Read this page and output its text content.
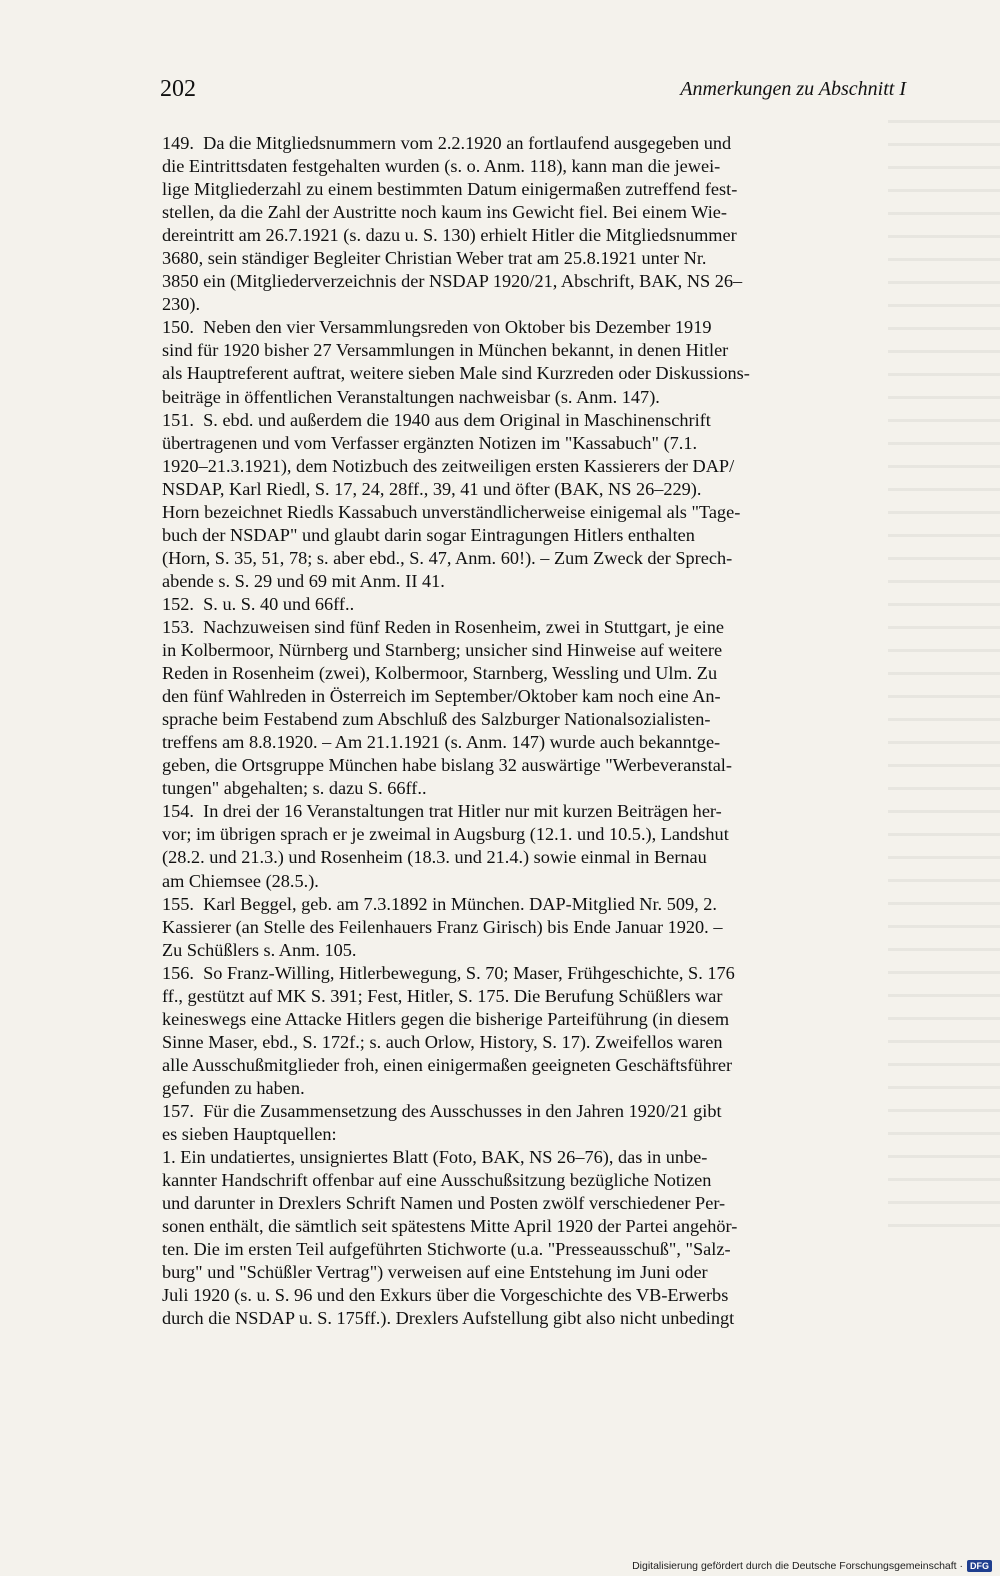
202	Anmerkungen zu Abschnitt I
149.  Da die Mitgliedsnummern vom 2.2.1920 an fortlaufend ausgegeben und
die Eintrittsdaten festgehalten wurden (s. o. Anm. 118), kann man die jewei-
lige Mitgliederzahl zu einem bestimmten Datum einigermaßen zutreffend fest-
stellen, da die Zahl der Austritte noch kaum ins Gewicht fiel. Bei einem Wie-
dereintritt am 26.7.1921 (s. dazu u. S. 130) erhielt Hitler die Mitgliedsnummer
3680, sein ständiger Begleiter Christian Weber trat am 25.8.1921 unter Nr.
3850 ein (Mitgliederverzeichnis der NSDAP 1920/21, Abschrift, BAK, NS 26–
230).
150.  Neben den vier Versammlungsreden von Oktober bis Dezember 1919
sind für 1920 bisher 27 Versammlungen in München bekannt, in denen Hitler
als Hauptreferent auftrat, weitere sieben Male sind Kurzreden oder Diskussions-
beiträge in öffentlichen Veranstaltungen nachweisbar (s. Anm. 147).
151.  S. ebd. und außerdem die 1940 aus dem Original in Maschinenschrift
übertragenen und vom Verfasser ergänzten Notizen im "Kassabuch" (7.1.
1920–21.3.1921), dem Notizbuch des zeitweiligen ersten Kassierers der DAP/
NSDAP, Karl Riedl, S. 17, 24, 28ff., 39, 41 und öfter (BAK, NS 26–229).
Horn bezeichnet Riedls Kassabuch unverständlicherweise einigemal als "Tage-
buch der NSDAP" und glaubt darin sogar Eintragungen Hitlers enthalten
(Horn, S. 35, 51, 78; s. aber ebd., S. 47, Anm. 60!). – Zum Zweck der Sprech-
abende s. S. 29 und 69 mit Anm. II 41.
152.  S. u. S. 40 und 66ff..
153.  Nachzuweisen sind fünf Reden in Rosenheim, zwei in Stuttgart, je eine
in Kolbermoor, Nürnberg und Starnberg; unsicher sind Hinweise auf weitere
Reden in Rosenheim (zwei), Kolbermoor, Starnberg, Wessling und Ulm. Zu
den fünf Wahlreden in Österreich im September/Oktober kam noch eine An-
sprache beim Festabend zum Abschluß des Salzburger Nationalsozialisten-
treffens am 8.8.1920. – Am 21.1.1921 (s. Anm. 147) wurde auch bekanntge-
geben, die Ortsgruppe München habe bislang 32 auswärtige "Werbeveranstal-
tungen" abgehalten; s. dazu S. 66ff..
154.  In drei der 16 Veranstaltungen trat Hitler nur mit kurzen Beiträgen her-
vor; im übrigen sprach er je zweimal in Augsburg (12.1. und 10.5.), Landshut
(28.2. und 21.3.) und Rosenheim (18.3. und 21.4.) sowie einmal in Bernau
am Chiemsee (28.5.).
155.  Karl Beggel, geb. am 7.3.1892 in München. DAP-Mitglied Nr. 509, 2.
Kassierer (an Stelle des Feilenhauers Franz Girisch) bis Ende Januar 1920. –
Zu Schüßlers s. Anm. 105.
156.  So Franz-Willing, Hitlerbewegung, S. 70; Maser, Frühgeschichte, S. 176
ff., gestützt auf MK S. 391; Fest, Hitler, S. 175. Die Berufung Schüßlers war
keineswegs eine Attacke Hitlers gegen die bisherige Parteiführung (in diesem
Sinne Maser, ebd., S. 172f.; s. auch Orlow, History, S. 17). Zweifellos waren
alle Ausschußmitglieder froh, einen einigermaßen geeigneten Geschäftsführer
gefunden zu haben.
157.  Für die Zusammensetzung des Ausschusses in den Jahren 1920/21 gibt
es sieben Hauptquellen:
1. Ein undatiertes, unsigniertes Blatt (Foto, BAK, NS 26–76), das in unbe-
kannter Handschrift offenbar auf eine Ausschußsitzung bezügliche Notizen
und darunter in Drexlers Schrift Namen und Posten zwölf verschiedener Per-
sonen enthält, die sämtlich seit spätestens Mitte April 1920 der Partei angehör-
ten. Die im ersten Teil aufgeführten Stichworte (u.a. "Presseausschuß", "Salz-
burg" und "Schüßler Vertrag") verweisen auf eine Entstehung im Juni oder
Juli 1920 (s. u. S. 96 und den Exkurs über die Vorgeschichte des VB-Erwerbs
durch die NSDAP u. S. 175ff.). Drexlers Aufstellung gibt also nicht unbedingt
Digitalisierung gefördert durch die Deutsche Forschungsgemeinschaft · DFG
